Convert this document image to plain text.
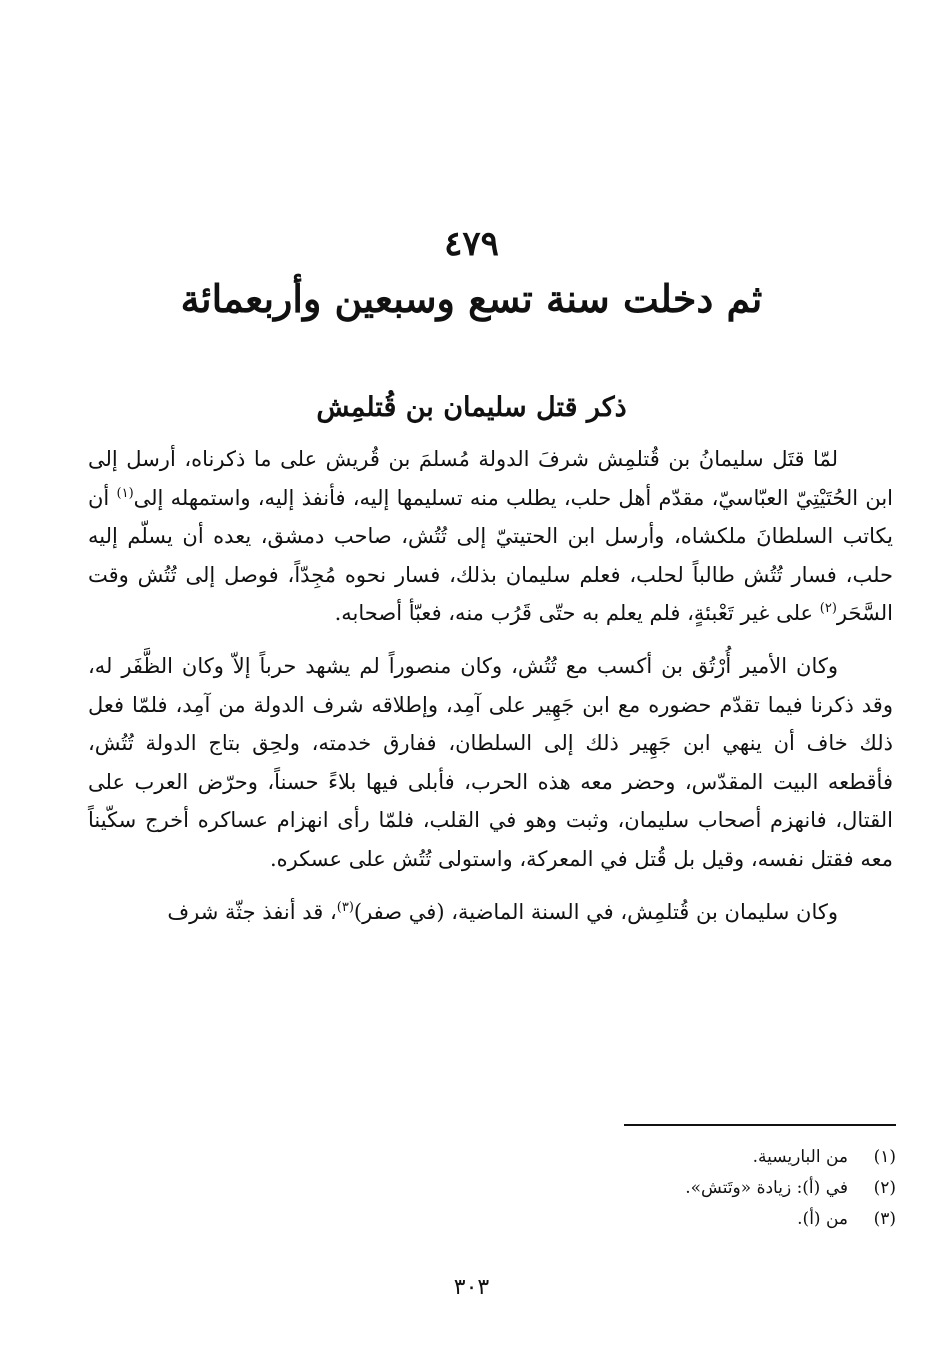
٤٧٩
ثم دخلت سنة تسع وسبعين وأربعمائة
ذكر قتل سليمان بن قُتلمِش

لمّا قتَل سليمانُ بن قُتلمِش شرفَ الدولة مُسلمَ بن قُريش على ما ذكرناه، أرسل إلى ابن الحُتَيْتِيّ العبّاسيّ، مقدّم أهل حلب، يطلب منه تسليمها إليه، فأنفذ إليه، واستمهله إلى$^{(١)}$ أن يكاتب السلطانَ ملكشاه، وأرسل ابن الحتيتيّ إلى تُتُش، صاحب دمشق، يعده أن يسلّم إليه حلب، فسار تُتُش طالباً لحلب، فعلم سليمان بذلك، فسار نحوه مُجِدّاً، فوصل إلى تُتُش وقت السَّحَر$^{(٢)}$ على غير تَعْبئةٍ، فلم يعلم به حتّى قَرُب منه، فعبّأ أصحابه.

وكان الأمير أُرْتُق بن أكسب مع تُتُش، وكان منصوراً لم يشهد حرباً إلاّ وكان الظَّفَر له، وقد ذكرنا فيما تقدّم حضوره مع ابن جَهِير على آمِد، وإطلاقه شرف الدولة من آمِد، فلمّا فعل ذلك خاف أن ينهي ابن جَهِير ذلك إلى السلطان، ففارق خدمته، ولحِق بتاج الدولة تُتُش، فأقطعه البيت المقدّس، وحضر معه هذه الحرب، فأبلى فيها بلاءً حسناً، وحرّض العرب على القتال، فانهزم أصحاب سليمان، وثبت وهو في القلب، فلمّا رأى انهزام عساكره أخرج سكّيناً معه فقتل نفسه، وقيل بل قُتل في المعركة، واستولى تُتُش على عسكره.

وكان سليمان بن قُتلمِش، في السنة الماضية، (في صفر)$^{(٣)}$، قد أنفذ جثّة شرف

(١)
من الباريسية.
(٢)
في (أ): زيادة «وتَتش».
(٣)
من (أ).
٣٠٣
